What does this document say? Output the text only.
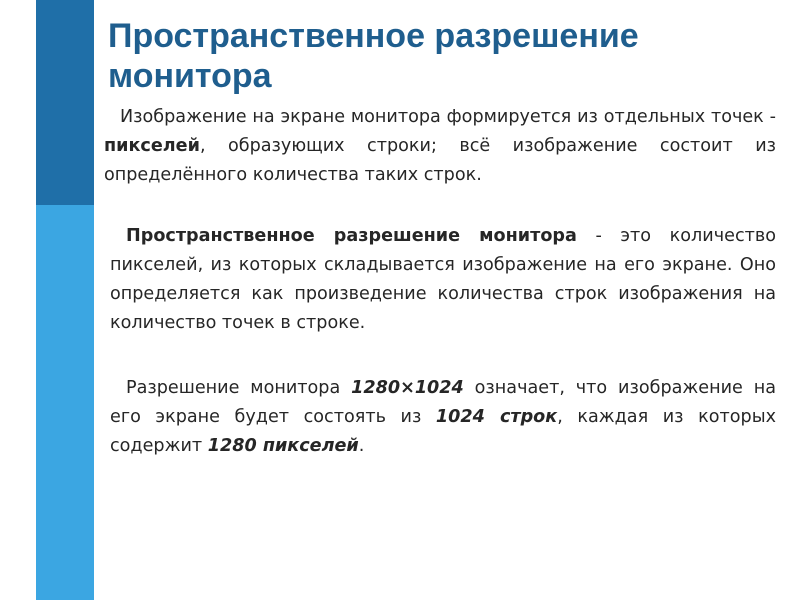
Пространственное разрешение монитора

Изображение на экране монитора формируется из отдельных точек - пикселей, образующих строки; всё изображение состоит из определённого количества таких строк.

Пространственное разрешение монитора - это количество пикселей, из которых складывается изображение на его экране. Оно определяется как произведение количества строк изображения на количество точек в строке.

Разрешение монитора 1280×1024 означает, что изображение на его экране будет состоять из 1024 строк, каждая из которых содержит 1280 пикселей.
